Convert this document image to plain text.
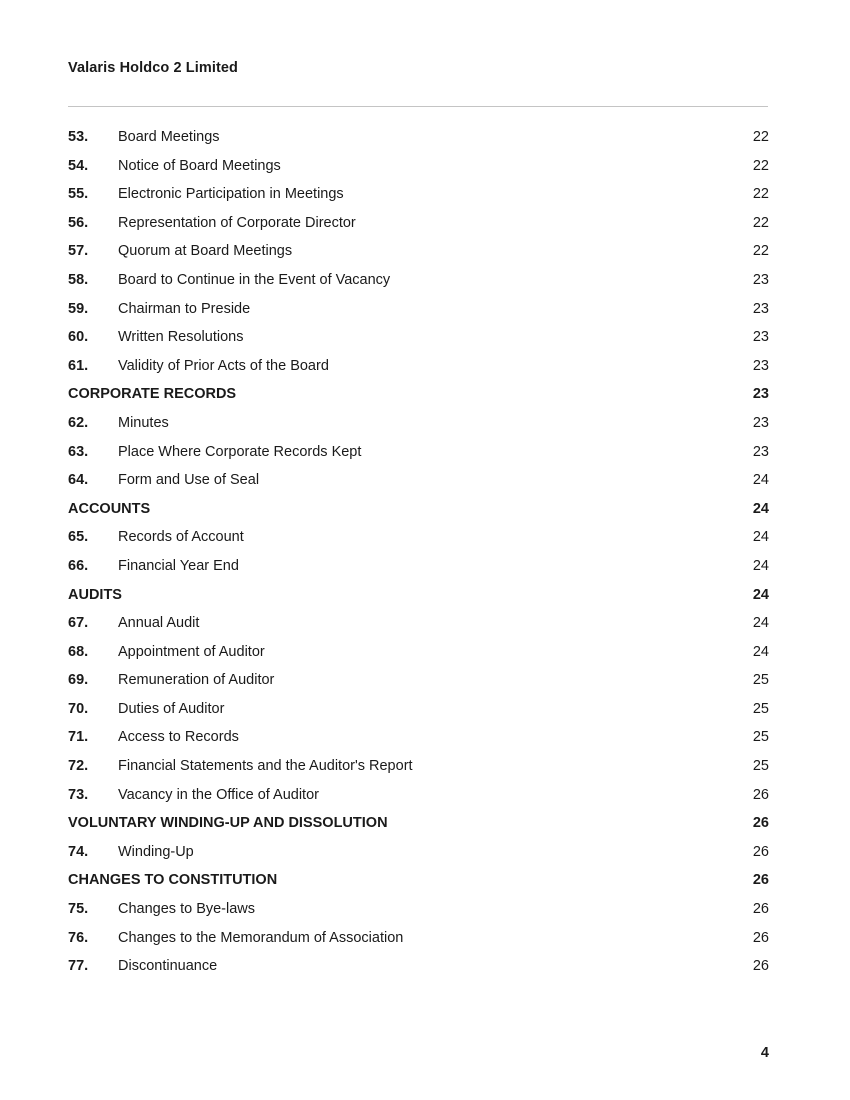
Valaris Holdco 2 Limited
53. Board Meetings	22
54. Notice of Board Meetings	22
55. Electronic Participation in Meetings	22
56. Representation of Corporate Director	22
57. Quorum at Board Meetings	22
58. Board to Continue in the Event of Vacancy	23
59. Chairman to Preside	23
60. Written Resolutions	23
61. Validity of Prior Acts of the Board	23
CORPORATE RECORDS	23
62. Minutes	23
63. Place Where Corporate Records Kept	23
64. Form and Use of Seal	24
ACCOUNTS	24
65. Records of Account	24
66. Financial Year End	24
AUDITS	24
67. Annual Audit	24
68. Appointment of Auditor	24
69. Remuneration of Auditor	25
70. Duties of Auditor	25
71. Access to Records	25
72. Financial Statements and the Auditor's Report	25
73. Vacancy in the Office of Auditor	26
VOLUNTARY WINDING-UP AND DISSOLUTION	26
74. Winding-Up	26
CHANGES TO CONSTITUTION	26
75. Changes to Bye-laws	26
76. Changes to the Memorandum of Association	26
77. Discontinuance	26
4
